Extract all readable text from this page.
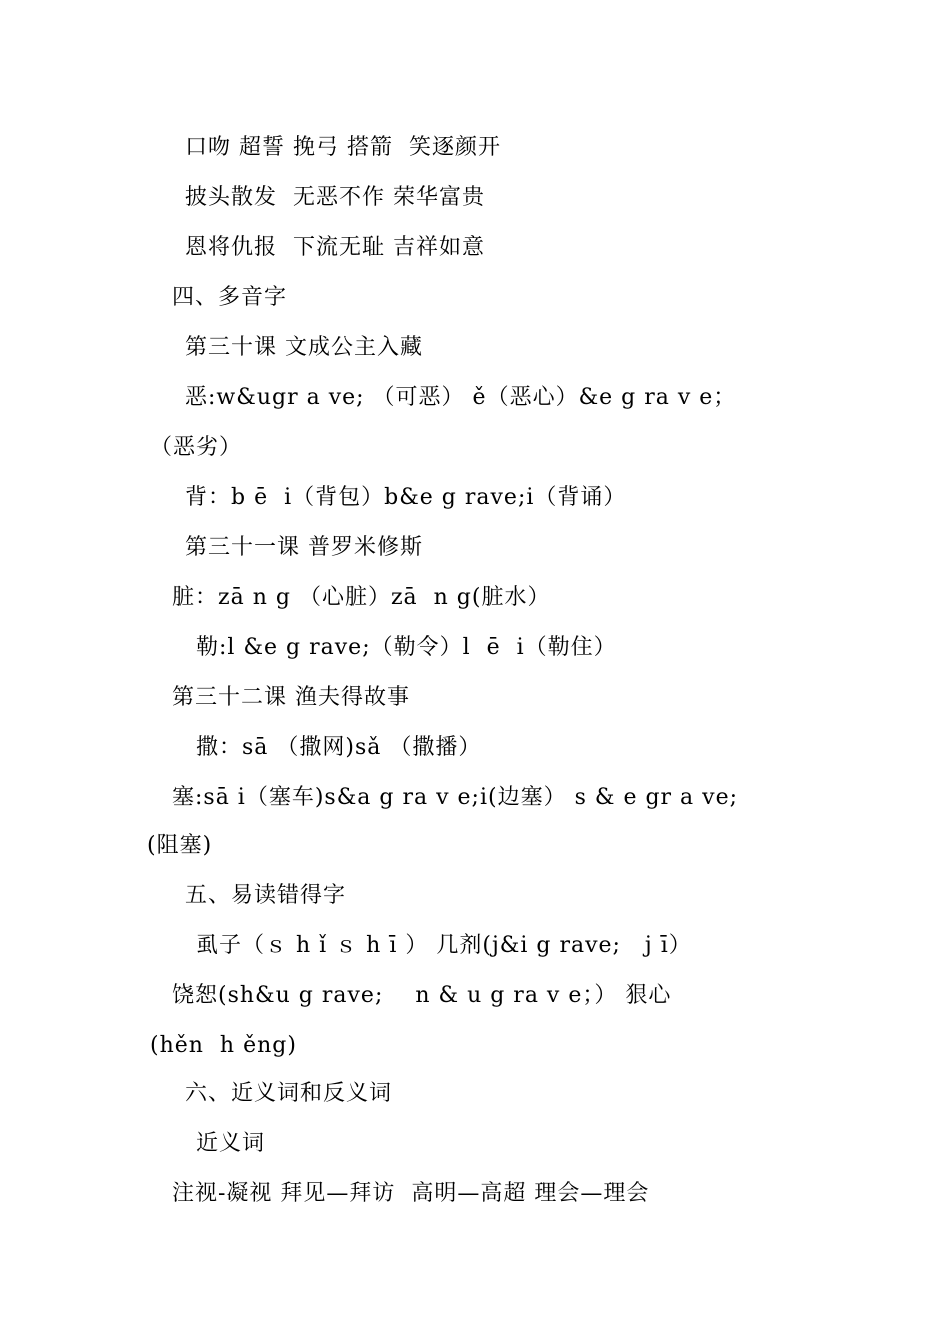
口吻 超誓 挽弓 搭箭  笑逐颜开
披头散发  无恶不作 荣华富贵
恩将仇报  下流无耻 吉祥如意
四、多音字
第三十课 文成公主入藏
恶:w&ugr a ve; （可恶） ě（恶心）&e g ra v e；
（恶劣）
背：b ē  i（背包）b&e g rave;i（背诵）
第三十一课 普罗米修斯
脏：zā n g （心脏）zā  n g(脏水）
勒:l &e g rave;（勒令）l  ē  i（勒住）
第三十二课 渔夫得故事
撒：sā （撒网)sǎ （撒播）
塞:sā i（塞车)s&a g ra v e;i(边塞） s & e gr a ve;
(阻塞)
五、易读错得字
虱子（ｓ h ǐ ｓ h ī ） 几剂(j&i g rave;   j ī）
饶恕(sh&u g rave;    n & u g ra v e；） 狠心
(hěn  h ěng)
六、近义词和反义词
近义词
注视-凝视 拜见—拜访  高明—高超 理会—理会
